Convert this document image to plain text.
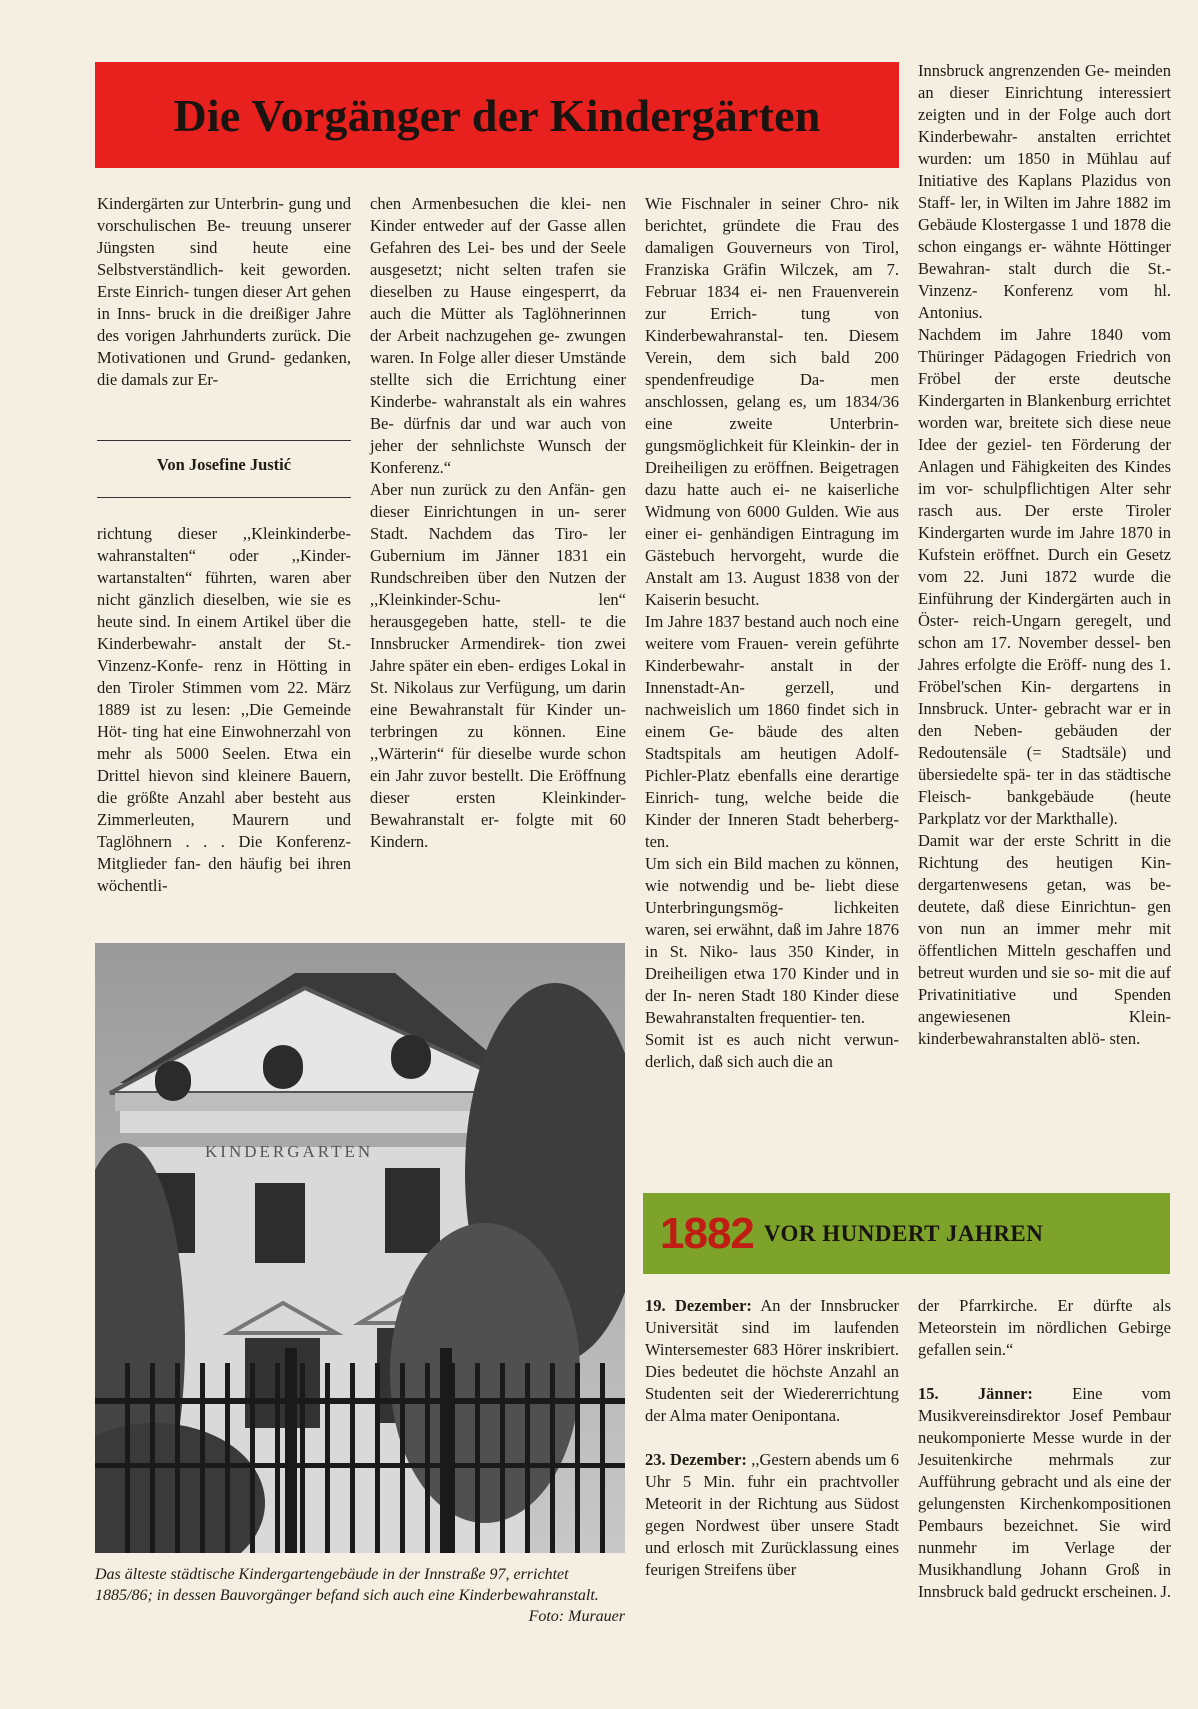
Die Vorgänger der Kindergärten

Kindergärten zur Unterbrin- gung und vorschulischen Be- treuung unserer Jüngsten sind heute eine Selbstverständlich- keit geworden. Erste Einrich- tungen dieser Art gehen in Inns- bruck in die dreißiger Jahre des vorigen Jahrhunderts zurück. Die Motivationen und Grund- gedanken, die damals zur Er-

Von Josefine Justić

richtung dieser ,,Kleinkinderbe- wahranstalten“ oder ,,Kinder- wartanstalten“ führten, waren aber nicht gänzlich dieselben, wie sie es heute sind. In einem Artikel über die Kinderbewahr- anstalt der St.-Vinzenz-Konfe- renz in Hötting in den Tiroler Stimmen vom 22. März 1889 ist zu lesen: ,,Die Gemeinde Höt- ting hat eine Einwohnerzahl von mehr als 5000 Seelen. Etwa ein Drittel hievon sind kleinere Bauern, die größte Anzahl aber besteht aus Zimmerleuten, Maurern und Taglöhnern . . . Die Konferenz-Mitglieder fan- den häufig bei ihren wöchentli-

chen Armenbesuchen die klei- nen Kinder entweder auf der Gasse allen Gefahren des Lei- bes und der Seele ausgesetzt; nicht selten trafen sie dieselben zu Hause eingesperrt, da auch die Mütter als Taglöhnerinnen der Arbeit nachzugehen ge- zwungen waren. In Folge aller dieser Umstände stellte sich die Errichtung einer Kinderbe- wahranstalt als ein wahres Be- dürfnis dar und war auch von jeher der sehnlichste Wunsch der Konferenz.“

Aber nun zurück zu den Anfän- gen dieser Einrichtungen in un- serer Stadt. Nachdem das Tiro- ler Gubernium im Jänner 1831 ein Rundschreiben über den Nutzen der ,,Kleinkinder-Schu- len“ herausgegeben hatte, stell- te die Innsbrucker Armendirek- tion zwei Jahre später ein eben- erdiges Lokal in St. Nikolaus zur Verfügung, um darin eine Bewahranstalt für Kinder un- terbringen zu können. Eine ,,Wärterin“ für dieselbe wurde schon ein Jahr zuvor bestellt. Die Eröffnung dieser ersten Kleinkinder-Bewahranstalt er- folgte mit 60 Kindern.

Wie Fischnaler in seiner Chro- nik berichtet, gründete die Frau des damaligen Gouverneurs von Tirol, Franziska Gräfin Wilczek, am 7. Februar 1834 ei- nen Frauenverein zur Errich- tung von Kinderbewahranstal- ten. Diesem Verein, dem sich bald 200 spendenfreudige Da- men anschlossen, gelang es, um 1834/36 eine zweite Unterbrin- gungsmöglichkeit für Kleinkin- der in Dreiheiligen zu eröffnen. Beigetragen dazu hatte auch ei- ne kaiserliche Widmung von 6000 Gulden. Wie aus einer ei- genhändigen Eintragung im Gästebuch hervorgeht, wurde die Anstalt am 13. August 1838 von der Kaiserin besucht.

Im Jahre 1837 bestand auch noch eine weitere vom Frauen- verein geführte Kinderbewahr- anstalt in der Innenstadt-An- gerzell, und nachweislich um 1860 findet sich in einem Ge- bäude des alten Stadtspitals am heutigen Adolf-Pichler-Platz ebenfalls eine derartige Einrich- tung, welche beide die Kinder der Inneren Stadt beherberg- ten.

Um sich ein Bild machen zu können, wie notwendig und be- liebt diese Unterbringungsmög- lichkeiten waren, sei erwähnt, daß im Jahre 1876 in St. Niko- laus 350 Kinder, in Dreiheiligen etwa 170 Kinder und in der In- neren Stadt 180 Kinder diese Bewahranstalten frequentier- ten.

Somit ist es auch nicht verwun- derlich, daß sich auch die an

Innsbruck angrenzenden Ge- meinden an dieser Einrichtung interessiert zeigten und in der Folge auch dort Kinderbewahr- anstalten errichtet wurden: um 1850 in Mühlau auf Initiative des Kaplans Plazidus von Staff- ler, in Wilten im Jahre 1882 im Gebäude Klostergasse 1 und 1878 die schon eingangs er- wähnte Höttinger Bewahran- stalt durch die St.-Vinzenz- Konferenz vom hl. Antonius.

Nachdem im Jahre 1840 vom Thüringer Pädagogen Friedrich von Fröbel der erste deutsche Kindergarten in Blankenburg errichtet worden war, breitete sich diese neue Idee der geziel- ten Förderung der Anlagen und Fähigkeiten des Kindes im vor- schulpflichtigen Alter sehr rasch aus. Der erste Tiroler Kindergarten wurde im Jahre 1870 in Kufstein eröffnet. Durch ein Gesetz vom 22. Juni 1872 wurde die Einführung der Kindergärten auch in Öster- reich-Ungarn geregelt, und schon am 17. November dessel- ben Jahres erfolgte die Eröff- nung des 1. Fröbel'schen Kin- dergartens in Innsbruck. Unter- gebracht war er in den Neben- gebäuden der Redoutensäle (= Stadtsäle) und übersiedelte spä- ter in das städtische Fleisch- bankgebäude (heute Parkplatz vor der Markthalle).

Damit war der erste Schritt in die Richtung des heutigen Kin- dergartenwesens getan, was be- deutete, daß diese Einrichtun- gen von nun an immer mehr mit öffentlichen Mitteln geschaffen und betreut wurden und sie so- mit die auf Privatinitiative und Spenden angewiesenen Klein- kinderbewahranstalten ablö- sten.

KINDERGARTEN
Das älteste städtische Kindergartengebäude in der Innstraße 97, errichtet 1885/86; in dessen Bauvorgänger befand sich auch eine Kinderbewahranstalt.
Foto: Murauer
1882 VOR HUNDERT JAHREN

19. Dezember: An der Innsbrucker Universität sind im laufenden Wintersemester 683 Hörer inskribiert. Dies bedeutet die höchste Anzahl an Studenten seit der Wiedererrichtung der Alma mater Oenipontana.

23. Dezember: ,,Gestern abends um 6 Uhr 5 Min. fuhr ein prachtvoller Meteorit in der Richtung aus Südost gegen Nordwest über unsere Stadt und erlosch mit Zurücklassung eines feurigen Streifens über

der Pfarrkirche. Er dürfte als Meteorstein im nördlichen Gebirge gefallen sein.“

15. Jänner: Eine vom Musikvereinsdirektor Josef Pembaur neukomponierte Messe wurde in der Jesuitenkirche mehrmals zur Aufführung gebracht und als eine der gelungensten Kirchenkompositionen Pembaurs bezeichnet. Sie wird nunmehr im Verlage der Musikhandlung Johann Groß in Innsbruck bald gedruckt erscheinen. J.
